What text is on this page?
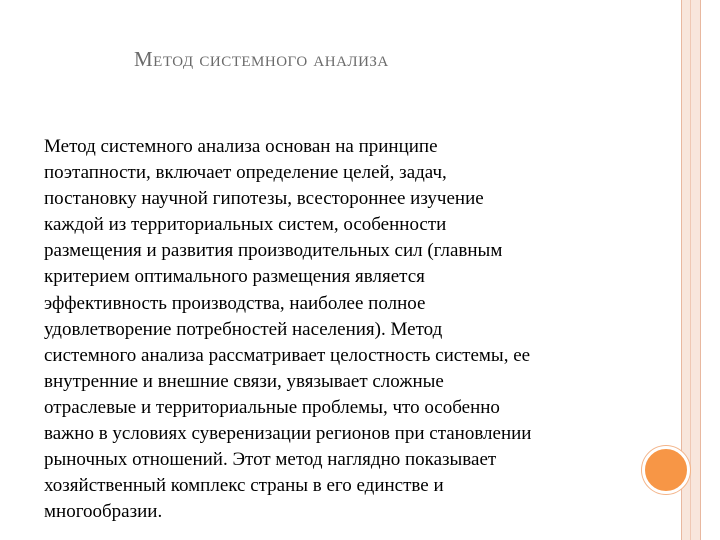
Метод системного анализа
Метод системного анализа основан на принципе
поэтапности, включает определение целей, задач,
постановку научной гипотезы, всестороннее изучение
каждой из территориальных систем, особенности
размещения и развития производительных сил (главным
критерием оптимального размещения является
эффективность производства, наиболее полное
удовлетворение потребностей населения). Метод
системного анализа рассматривает целостность системы, ее
внутренние и внешние связи, увязывает сложные
отраслевые и территориальные проблемы, что особенно
важно в условиях суверенизации регионов при становлении
рыночных отношений. Этот метод наглядно показывает
хозяйственный комплекс страны в его единстве и
многообразии.
